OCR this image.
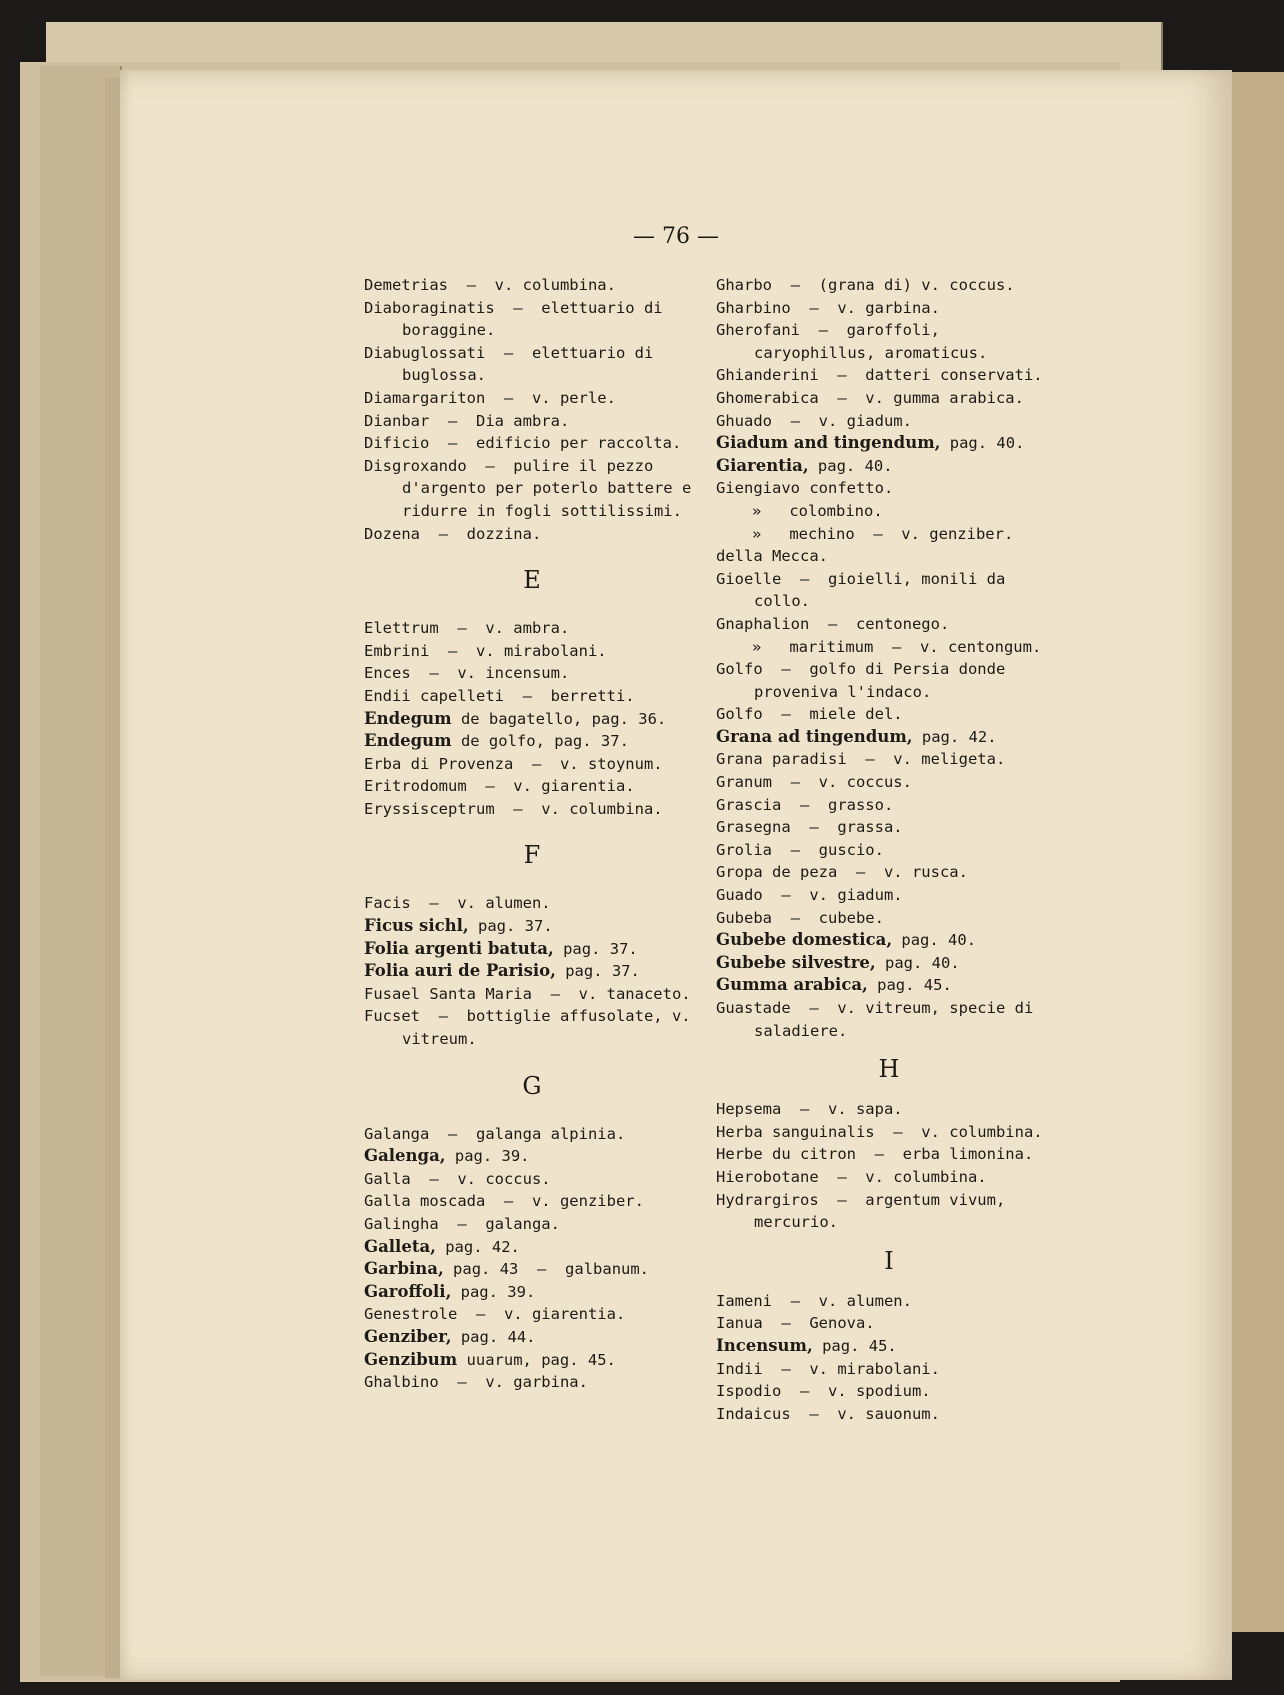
— 76 —

Demetrias  —  v. columbina.

Diaboraginatis  —  elettuario di boraggine.

Diabuglossati  —  elettuario di buglossa.

Diamargariton  —  v. perle.

Dianbar  —  Dia ambra.

Dificio  —  edificio per raccolta.

Disgroxando  —  pulire il pezzo d'argento per poterlo battere e ridurre in fogli sottilissimi.

Dozena  —  dozzina.

E

Elettrum  —  v. ambra.

Embrini  —  v. mirabolani.

Ences  —  v. incensum.

Endii capelleti  —  berretti.

Endegum de bagatello, pag. 36.

Endegum de golfo, pag. 37.

Erba di Provenza  —  v. stoynum.

Eritrodomum  —  v. giarentia.

Eryssisceptrum  —  v. columbina.

F

Facis  —  v. alumen.

Ficus sichl, pag. 37.

Folia argenti batuta, pag. 37.

Folia auri de Parisio, pag. 37.

Fusael Santa Maria  —  v. tanaceto.

Fucset  —  bottiglie affusolate, v. vitreum.

G

Galanga  —  galanga alpinia.

Galenga, pag. 39.

Galla  —  v. coccus.

Galla moscada  —  v. genziber.

Galingha  —  galanga.

Galleta, pag. 42.

Garbina, pag. 43  —  galbanum.

Garoffoli, pag. 39.

Genestrole  —  v. giarentia.

Genziber, pag. 44.

Genzibum uuarum, pag. 45.

Ghalbino  —  v. garbina.

Gharbo  —  (grana di) v. coccus.

Gharbino  —  v. garbina.

Gherofani  —  garoffoli, caryophillus, aromaticus.

Ghianderini  —  datteri conservati.

Ghomerabica  —  v. gumma arabica.

Ghuado  —  v. giadum.

Giadum and tingendum, pag. 40.

Giarentia, pag. 40.

Giengiavo confetto.

»   colombino.

»   mechino  —  v. genziber. della Mecca.

Gioelle  —  gioielli, monili da collo.

Gnaphalion  —  centonego.

»   maritimum  —  v. centongum.

Golfo  —  golfo di Persia donde proveniva l'indaco.

Golfo  —  miele del.

Grana ad tingendum, pag. 42.

Grana paradisi  —  v. meligeta.

Granum  —  v. coccus.

Grascia  —  grasso.

Grasegna  —  grassa.

Grolia  —  guscio.

Gropa de peza  —  v. rusca.

Guado  —  v. giadum.

Gubeba  —  cubebe.

Gubebe domestica, pag. 40.

Gubebe silvestre, pag. 40.

Gumma arabica, pag. 45.

Guastade  —  v. vitreum, specie di saladiere.

H

Hepsema  —  v. sapa.

Herba sanguinalis  —  v. columbina.

Herbe du citron  —  erba limonina.

Hierobotane  —  v. columbina.

Hydrargiros  —  argentum vivum, mercurio.

I

Iameni  —  v. alumen.

Ianua  —  Genova.

Incensum, pag. 45.

Indii  —  v. mirabolani.

Ispodio  —  v. spodium.

Indaicus  —  v. sauonum.
